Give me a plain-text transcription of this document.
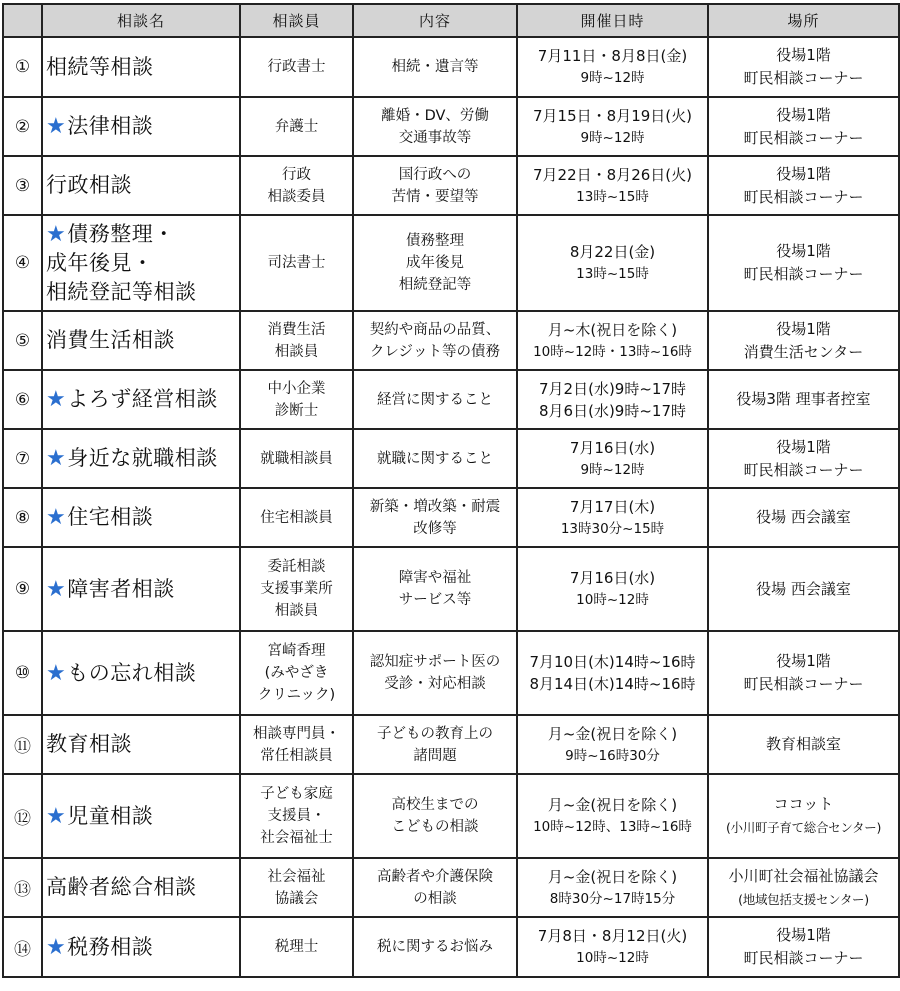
	相談名	相談員	内容	開催日時	場所
①	相続等相談	行政書士	相続・遺言等	7月11日・8月8日(金)
9時~12時	役場1階
町民相談コーナー

②	★法律相談	弁護士	離婚・DV、労働
交通事故等	7月15日・8月19日(火)
9時~12時	役場1階
町民相談コーナー

③	行政相談	行政
相談委員	国行政への
苦情・要望等	7月22日・8月26日(火)
13時~15時	役場1階
町民相談コーナー

④	★債務整理・
成年後見・
相続登記等相談	司法書士	債務整理
成年後見
相続登記等	8月22日(金)
13時~15時	役場1階
町民相談コーナー

⑤	消費生活相談	消費生活
相談員	契約や商品の品質、
クレジット等の債務	月~木(祝日を除く)
10時~12時・13時~16時	役場1階
消費生活センター

⑥	★よろず経営相談	中小企業
診断士	経営に関すること	7月2日(水)9時~17時
8月6日(水)9時~17時	役場3階 理事者控室

⑦	★身近な就職相談	就職相談員	就職に関すること	7月16日(水)
9時~12時	役場1階
町民相談コーナー

⑧	★住宅相談	住宅相談員	新築・増改築・耐震
改修等	7月17日(木)
13時30分~15時	役場 西会議室

⑨	★障害者相談	委託相談
支援事業所
相談員	障害や福祉
サービス等	7月16日(水)
10時~12時	役場 西会議室

⑩	★もの忘れ相談	宮崎香理
(みやざき
クリニック)	認知症サポート医の
受診・対応相談	7月10日(木)14時~16時
8月14日(木)14時~16時	役場1階
町民相談コーナー

⑪	教育相談	相談専門員・
常任相談員	子どもの教育上の
諸問題	月~金(祝日を除く)
9時~16時30分	教育相談室

⑫	★児童相談	子ども家庭
支援員・
社会福祉士	高校生までの
こどもの相談	月~金(祝日を除く)
10時~12時、13時~16時	ココット
(小川町子育て総合センター)

⑬	高齢者総合相談	社会福祉
協議会	高齢者や介護保険
の相談	月~金(祝日を除く)
8時30分~17時15分	小川町社会福祉協議会
(地域包括支援センター)

⑭	★税務相談	税理士	税に関するお悩み	7月8日・8月12日(火)
10時~12時	役場1階
町民相談コーナー
